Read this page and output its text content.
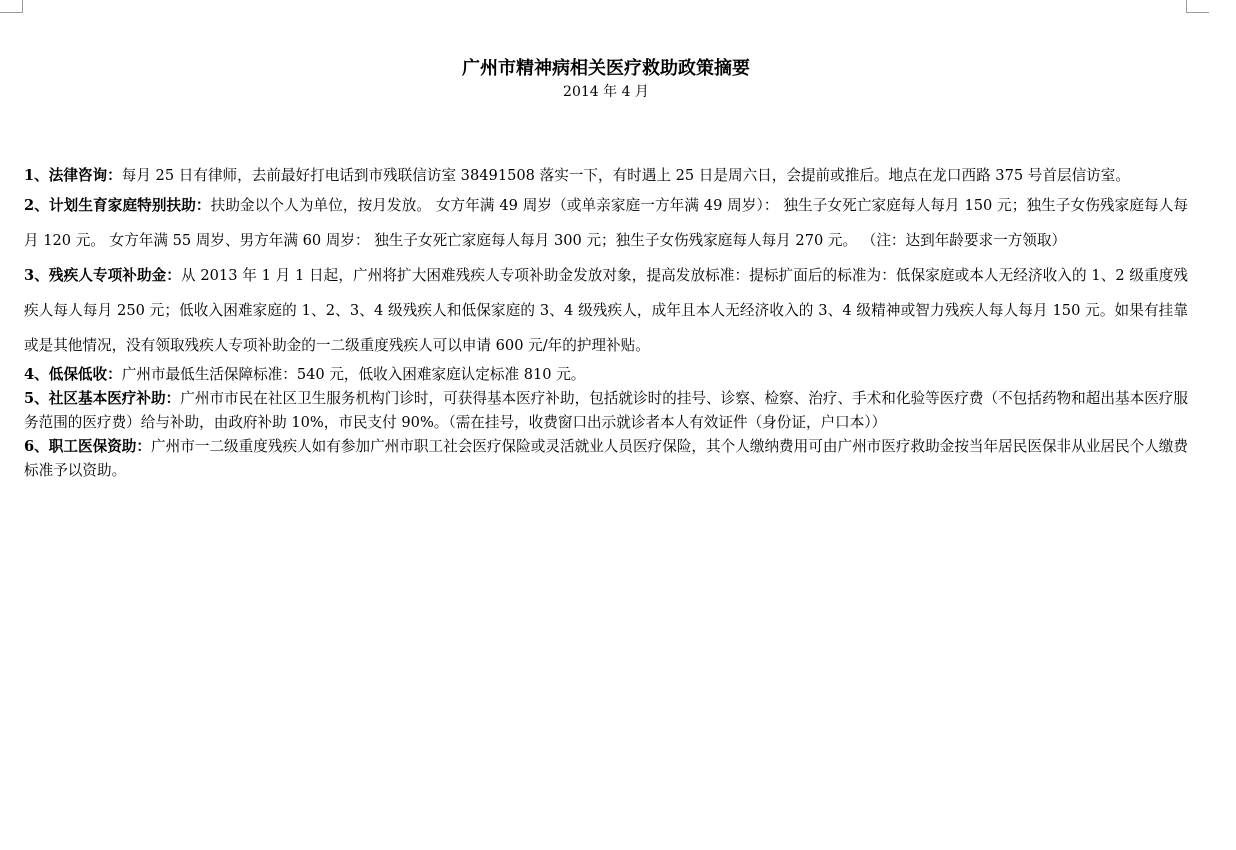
广州市精神病相关医疗救助政策摘要

2014 年 4 月

1、法律咨询：每月 25 日有律师，去前最好打电话到市残联信访室 38491508 落实一下，有时遇上 25 日是周六日，会提前或推后。地点在龙口西路 375 号首层信访室。

2、计划生育家庭特别扶助：扶助金以个人为单位，按月发放。 女方年满 49 周岁（或单亲家庭一方年满 49 周岁）： 独生子女死亡家庭每人每月 150 元；独生子女伤残家庭每人每月 120 元。 女方年满 55 周岁、男方年满 60 周岁： 独生子女死亡家庭每人每月 300 元；独生子女伤残家庭每人每月 270 元。 （注：达到年龄要求一方领取）

3、残疾人专项补助金：从 2013 年 1 月 1 日起，广州将扩大困难残疾人专项补助金发放对象，提高发放标准：提标扩面后的标准为：低保家庭或本人无经济收入的 1、2 级重度残疾人每人每月 250 元；低收入困难家庭的 1、2、3、4 级残疾人和低保家庭的 3、4 级残疾人，成年且本人无经济收入的 3、4 级精神或智力残疾人每人每月 150 元。如果有挂靠或是其他情况，没有领取残疾人专项补助金的一二级重度残疾人可以申请 600 元/年的护理补贴。

4、低保低收：广州市最低生活保障标准：540 元，低收入困难家庭认定标准 810 元。

5、社区基本医疗补助：广州市市民在社区卫生服务机构门诊时，可获得基本医疗补助，包括就诊时的挂号、诊察、检察、治疗、手术和化验等医疗费（不包括药物和超出基本医疗服务范围的医疗费）给与补助，由政府补助 10%，市民支付 90%。（需在挂号，收费窗口出示就诊者本人有效证件（身份证，户口本））

6、职工医保资助：广州市一二级重度残疾人如有参加广州市职工社会医疗保险或灵活就业人员医疗保险，其个人缴纳费用可由广州市医疗救助金按当年居民医保非从业居民个人缴费标准予以资助。
